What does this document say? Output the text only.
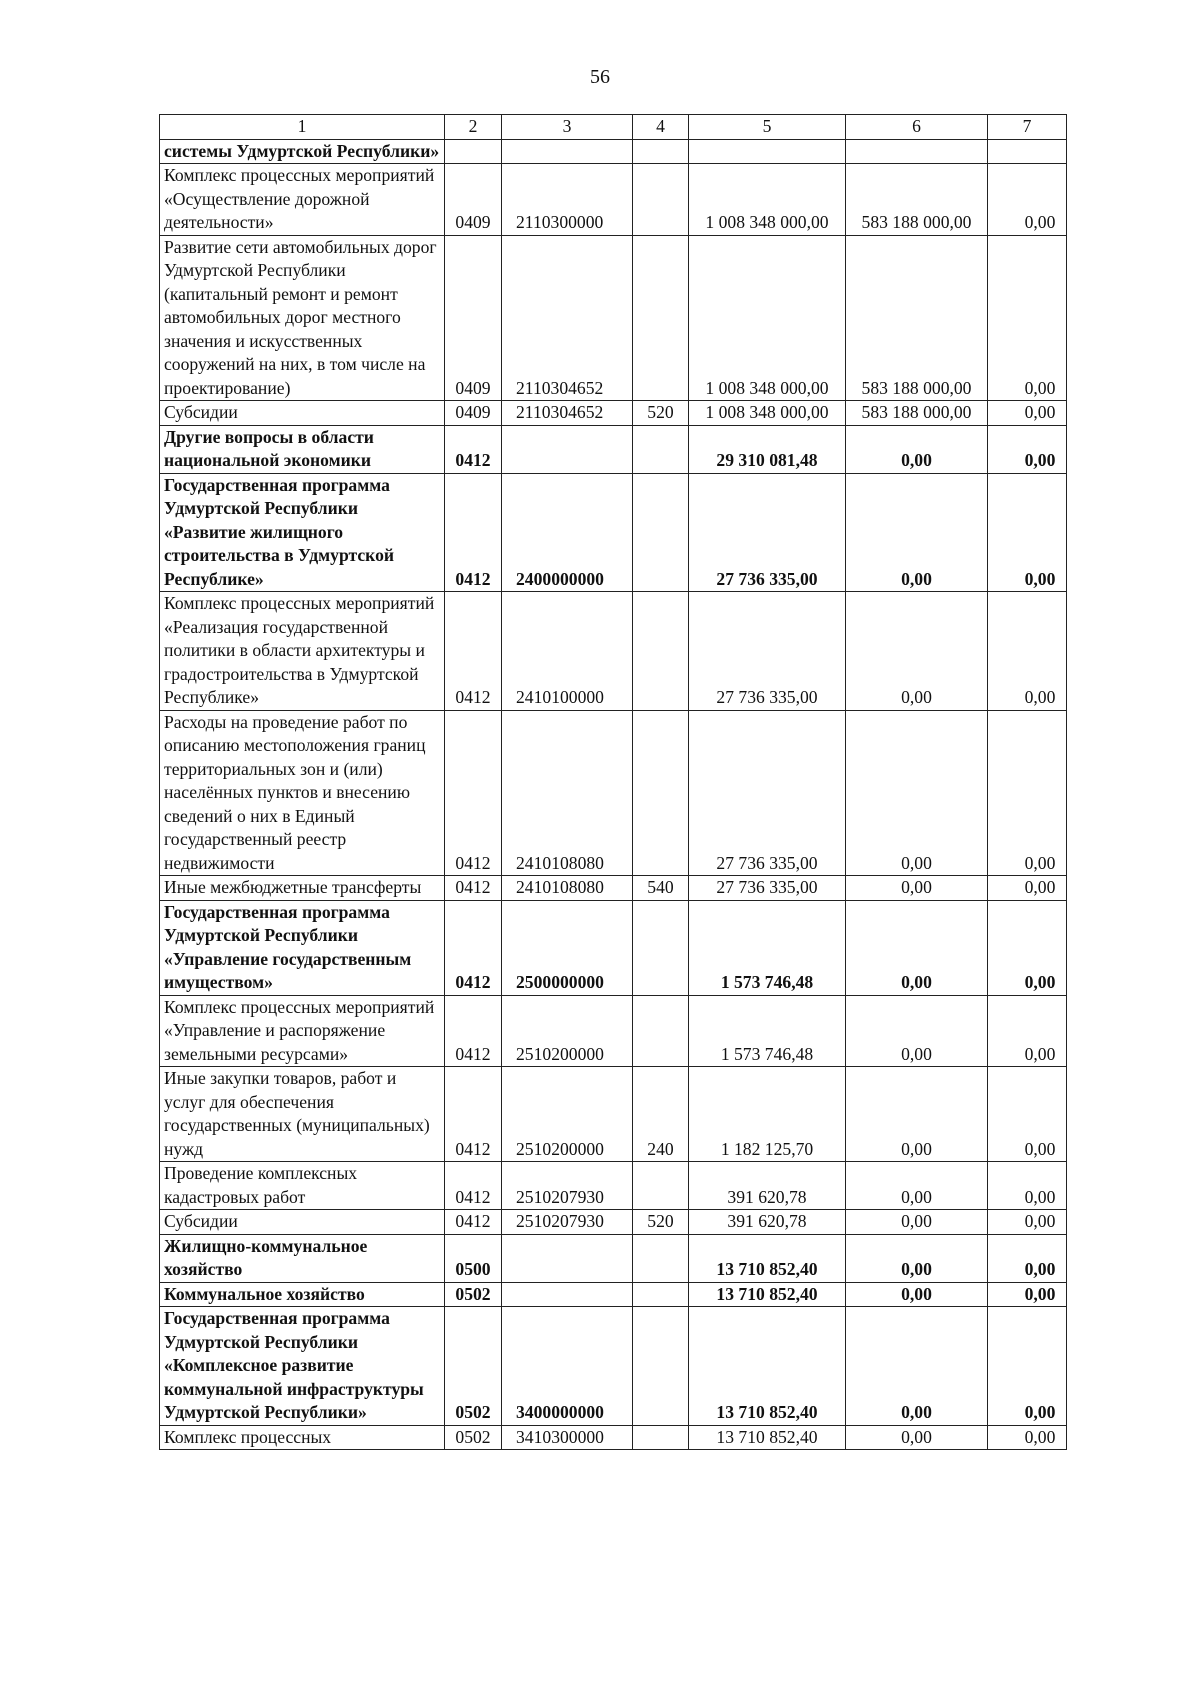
56
1	2	3	4	5	6	7
системы Удмуртской Республики»						
Комплекс процессных мероприятий «Осуществление дорожной деятельности»	0409	2110300000		1 008 348 000,00	583 188 000,00	0,00
Развитие сети автомобильных дорог Удмуртской Республики (капитальный ремонт и ремонт автомобильных дорог местного значения и искусственных сооружений на них, в том числе на проектирование)	0409	2110304652		1 008 348 000,00	583 188 000,00	0,00
Субсидии	0409	2110304652	520	1 008 348 000,00	583 188 000,00	0,00
Другие вопросы в области национальной экономики	0412			29 310 081,48	0,00	0,00
Государственная программа Удмуртской Республики «Развитие жилищного строительства в Удмуртской Республике»	0412	2400000000		27 736 335,00	0,00	0,00
Комплекс процессных мероприятий «Реализация государственной политики в области архитектуры и градостроительства в Удмуртской Республике»	0412	2410100000		27 736 335,00	0,00	0,00
Расходы на проведение работ по описанию местоположения границ территориальных зон и (или) населённых пунктов и внесению сведений о них в Единый государственный реестр недвижимости	0412	2410108080		27 736 335,00	0,00	0,00
Иные межбюджетные трансферты	0412	2410108080	540	27 736 335,00	0,00	0,00
Государственная программа Удмуртской Республики «Управление государственным имуществом»	0412	2500000000		1 573 746,48	0,00	0,00
Комплекс процессных мероприятий «Управление и распоряжение земельными ресурсами»	0412	2510200000		1 573 746,48	0,00	0,00
Иные закупки товаров, работ и услуг для обеспечения государственных (муниципальных) нужд	0412	2510200000	240	1 182 125,70	0,00	0,00
Проведение комплексных кадастровых работ	0412	2510207930		391 620,78	0,00	0,00
Субсидии	0412	2510207930	520	391 620,78	0,00	0,00
Жилищно-коммунальное хозяйство	0500			13 710 852,40	0,00	0,00
Коммунальное хозяйство	0502			13 710 852,40	0,00	0,00
Государственная программа Удмуртской Республики «Комплексное развитие коммунальной инфраструктуры Удмуртской Республики»	0502	3400000000		13 710 852,40	0,00	0,00
Комплекс процессных	0502	3410300000		13 710 852,40	0,00	0,00
